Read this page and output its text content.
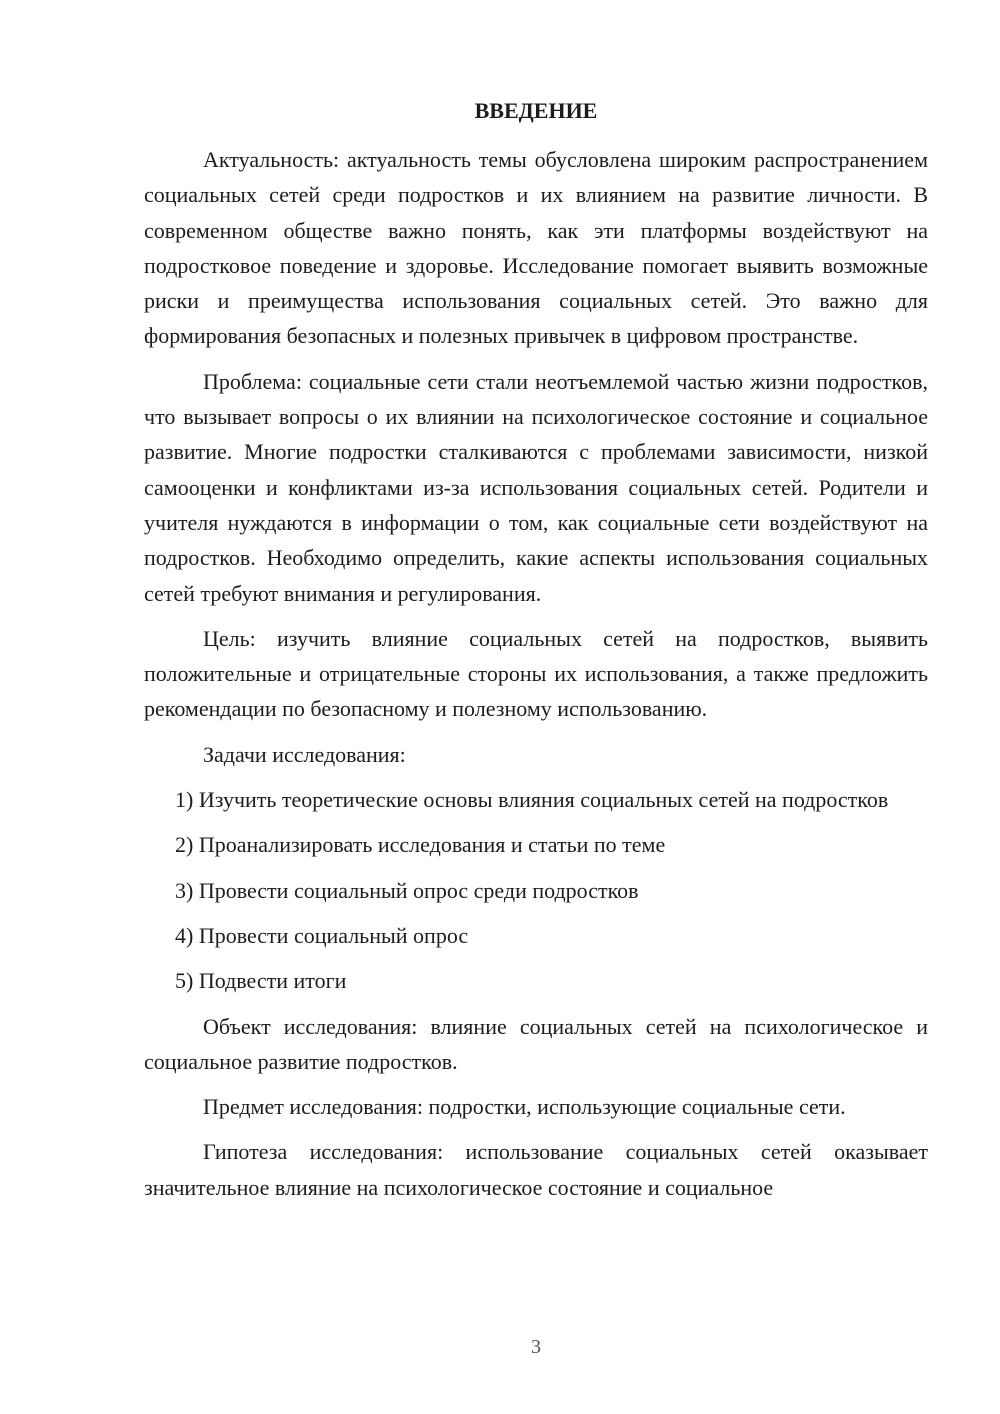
ВВЕДЕНИЕ

Актуальность: актуальность темы обусловлена широким распространением социальных сетей среди подростков и их влиянием на развитие личности. В современном обществе важно понять, как эти платформы воздействуют на подростковое поведение и здоровье. Исследование помогает выявить возможные риски и преимущества использования социальных сетей. Это важно для формирования безопасных и полезных привычек в цифровом пространстве.

Проблема: социальные сети стали неотъемлемой частью жизни подростков, что вызывает вопросы о их влиянии на психологическое состояние и социальное развитие. Многие подростки сталкиваются с проблемами зависимости, низкой самооценки и конфликтами из-за использования социальных сетей. Родители и учителя нуждаются в информации о том, как социальные сети воздействуют на подростков. Необходимо определить, какие аспекты использования социальных сетей требуют внимания и регулирования.

Цель: изучить влияние социальных сетей на подростков, выявить положительные и отрицательные стороны их использования, а также предложить рекомендации по безопасному и полезному использованию.

Задачи исследования:

1) Изучить теоретические основы влияния социальных сетей на подростков

2) Проанализировать исследования и статьи по теме

3) Провести социальный опрос среди подростков

4) Провести социальный опрос

5) Подвести итоги

Объект исследования: влияние социальных сетей на психологическое и социальное развитие подростков.

Предмет исследования: подростки, использующие социальные сети.

Гипотеза исследования: использование социальных сетей оказывает значительное влияние на психологическое состояние и социальное

3
